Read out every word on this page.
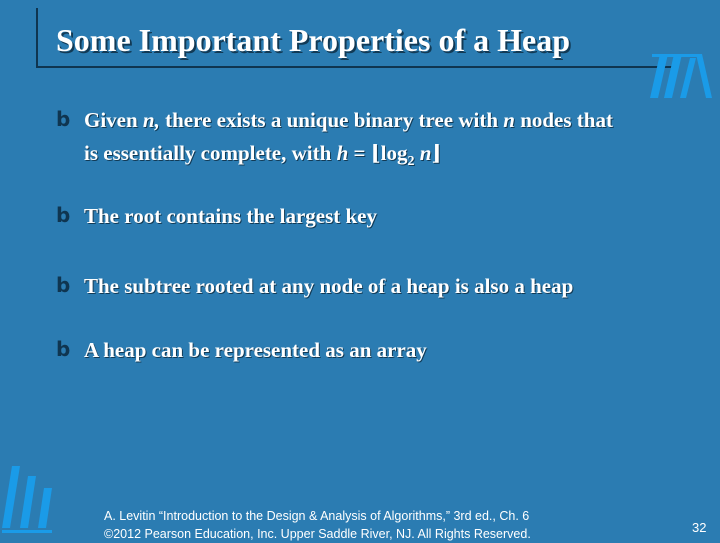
Some Important Properties of a Heap
b Given n, there exists a unique binary tree with n nodes that
is essentially complete, with $h = ⌊\log_2$ n⌋
b The root contains the largest key
b The subtree rooted at any node of a heap is also a heap
b A heap can be represented as an array
A. Levitin “Introduction to the Design & Analysis of Algorithms,” 3rd ed., Ch. 6
©2012 Pearson Education, Inc. Upper Saddle River, NJ. All Rights Reserved.	32
